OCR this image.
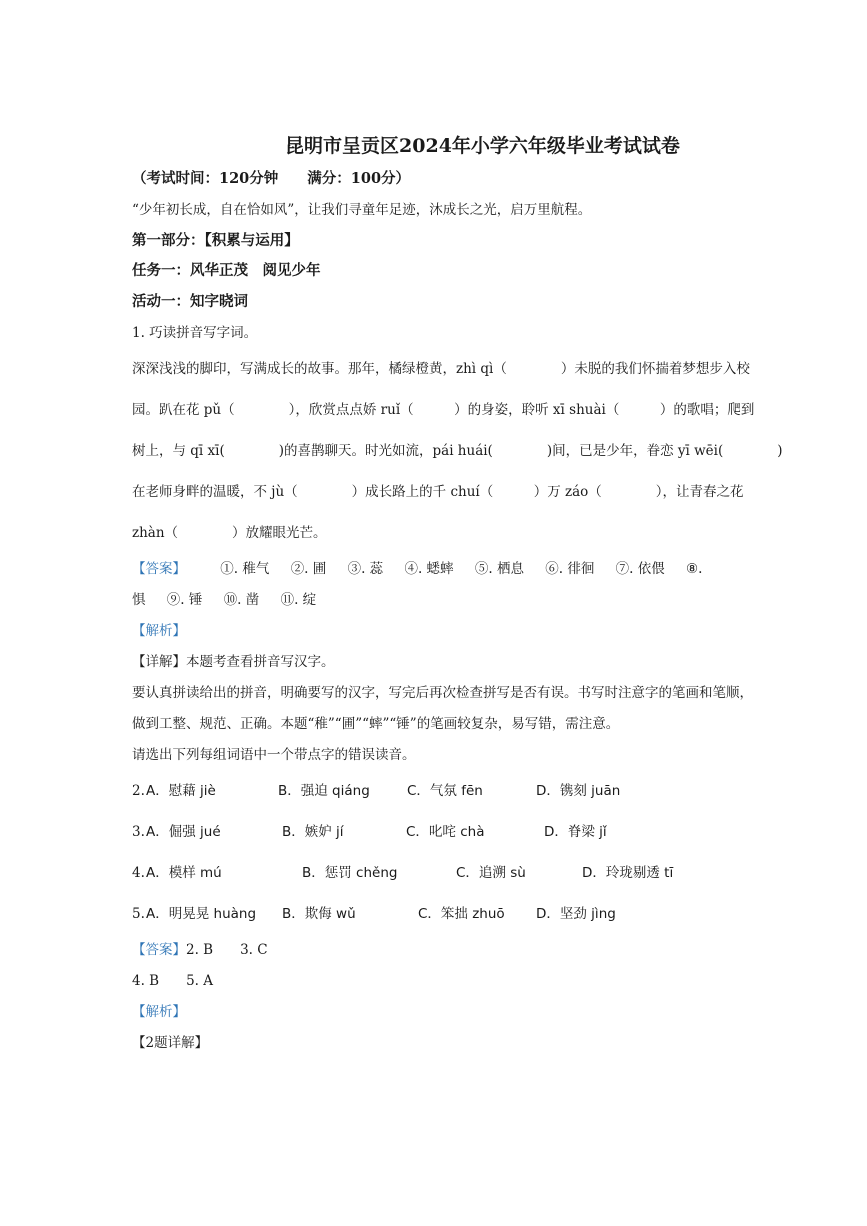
昆明市呈贡区2024年小学六年级毕业考试试卷
（考试时间：120分钟　　满分：100分）
“少年初长成，自在恰如风”，让我们寻童年足迹，沐成长之光，启万里航程。
第一部分：【积累与运用】
任务一：风华正茂　阅见少年
活动一：知字晓词
1. 巧读拼音写字词。
深深浅浅的脚印，写满成长的故事。那年，橘绿橙黄，zhì qì（　　　　）未脱的我们怀揣着梦想步入校
园。趴在花 pǔ（　　　　），欣赏点点娇 ruǐ（　　　）的身姿，聆听 xī shuài（　　　）的歌唱；爬到
树上，与 qī xī(　　　　)的喜鹊聊天。时光如流，pái huái(　　　　)间，已是少年，眷恋 yī wēi(　　　　)
在老师身畔的温暖，不 jù（　　　　）成长路上的千 chuí（　　　）万 záo（　　　　），让青春之花
zhàn（　　　　）放耀眼光芒。
【答案】	①. 稚气 ②. 圃 ③. 蕊 ④. 蟋蟀 ⑤. 栖息 ⑥. 徘徊 ⑦. 依偎 ⑧.
惧 ⑨. 锤 ⑩. 凿 ⑪. 绽
【解析】
【详解】本题考查看拼音写汉字。
要认真拼读给出的拼音，明确要写的汉字，写完后再次检查拼写是否有误。书写时注意字的笔画和笔顺，
做到工整、规范、正确。本题“稚”“圃”“蟀”“锤”的笔画较复杂，易写错，需注意。
请选出下列每组词语中一个带点字的错误读音。
2. A．慰藉 jiè	B．强迫 qiáng	C．气氛 fēn	D．镌刻 juān
3. A．倔强 jué	B．嫉妒 jí	C．叱咤 chà	D．脊梁 jǐ
4. A．模样 mú	B．惩罚 chěng	C．追溯 sù	D．玲珑剔透 tī
5. A．明晃晃 huàng B．欺侮 wǔ	C．笨拙 zhuō D．坚劲 jìng
【答案】2. B　　3. C
4. B　　5. A
【解析】
【2题详解】
